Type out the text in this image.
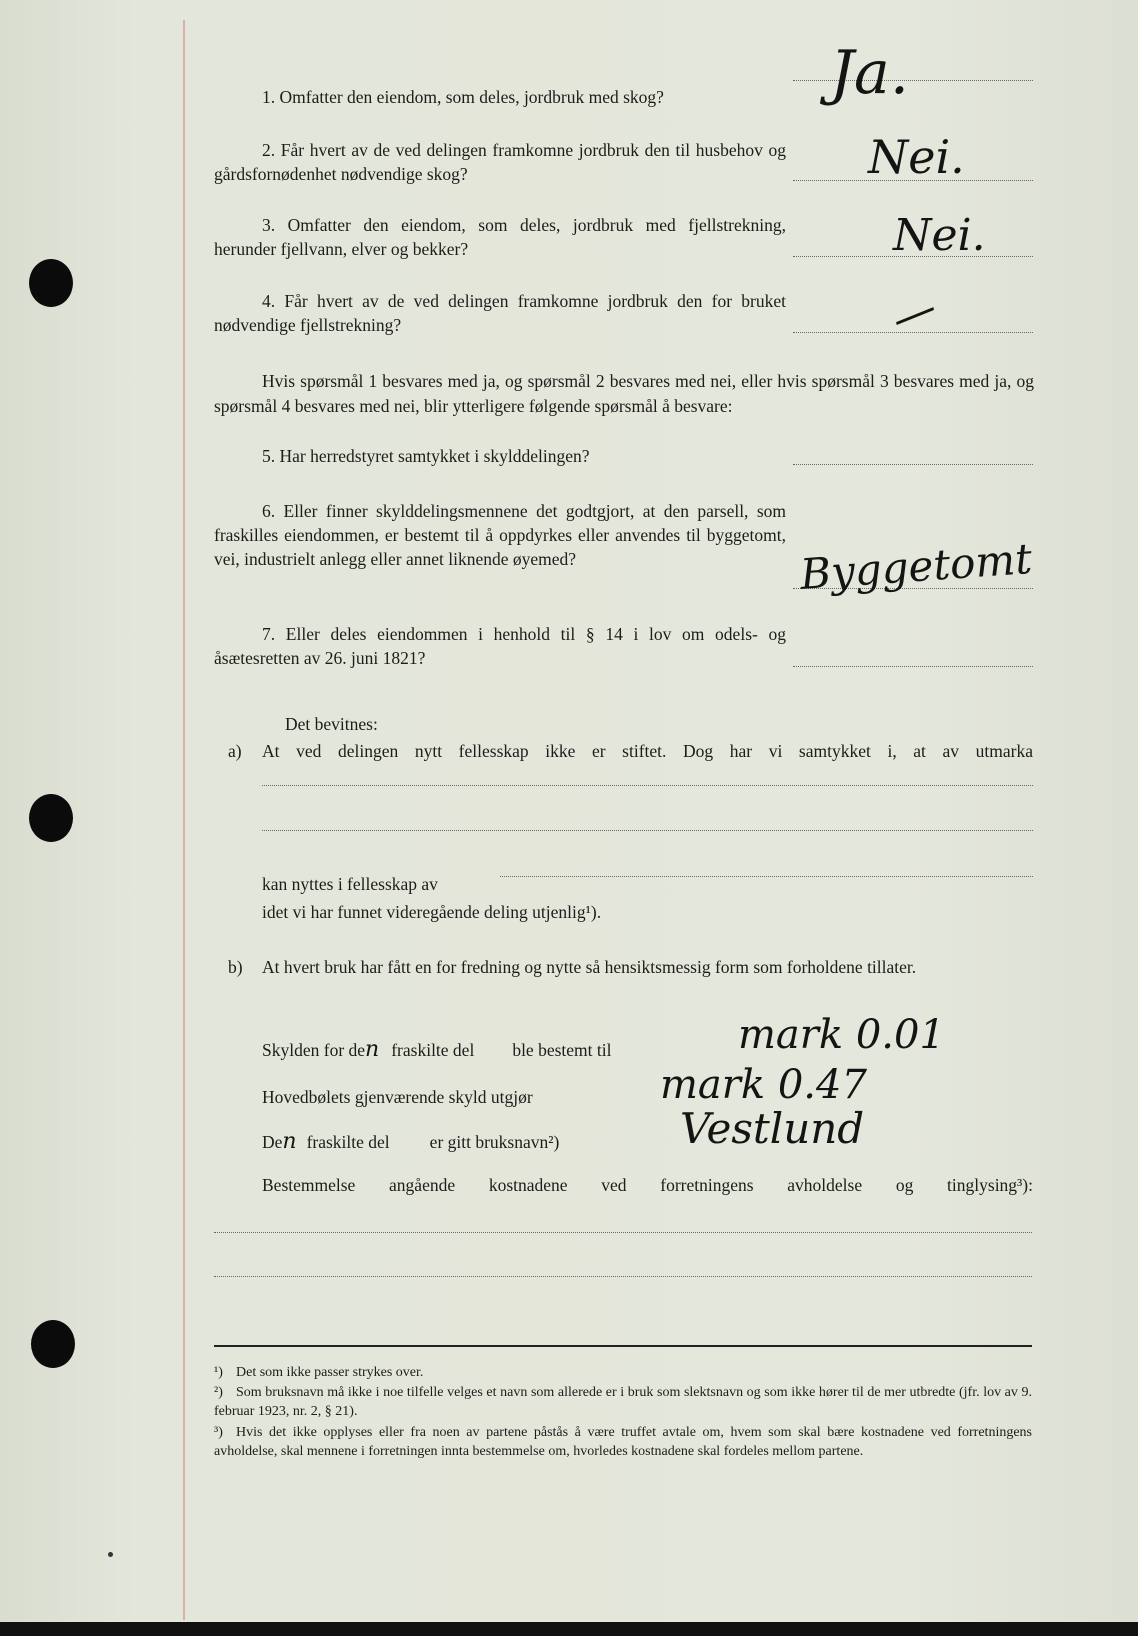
1. Omfatter den eiendom, som deles, jordbruk med skog?	Ja.
2. Får hvert av de ved delingen framkomne jordbruk den til husbehov og gårdsfornødenhet nødvendige skog?	Nei.
3. Omfatter den eiendom, som deles, jordbruk med fjellstrekning, herunder fjellvann, elver og bekker?	Nei.
4. Får hvert av de ved delingen framkomne jordbruk den for bruket nødvendige fjellstrekning?	—
Hvis spørsmål 1 besvares med ja, og spørsmål 2 besvares med nei, eller hvis spørsmål 3 besvares med ja, og spørsmål 4 besvares med nei, blir ytterligere følgende spørsmål å besvare:
5. Har herredstyret samtykket i skylddelingen?
6. Eller finner skylddelingsmennene det godtgjort, at den parsell, som fraskilles eiendommen, er bestemt til å oppdyrkes eller anvendes til byggetomt, vei, industrielt anlegg eller annet liknende øyemed?	Byggetomt
7. Eller deles eiendommen i henhold til § 14 i lov om odels- og åsætesretten av 26. juni 1821?
Det bevitnes:
a) At ved delingen nytt fellesskap ikke er stiftet. Dog har vi samtykket i, at av utmarka
kan nyttes i fellesskap av
idet vi har funnet videregående deling utjenlig¹).
b) At hvert bruk har fått en for fredning og nytte så hensiktsmessig form som forholdene tillater.
Skylden for den fraskilte del ble bestemt til	mark 0.01
Hovedbølets gjenværende skyld utgjør	mark 0.47
Den fraskilte del er gitt bruksnavn²)	Vestlund
Bestemmelse angående kostnadene ved forretningens avholdelse og tinglysing³):
¹) Det som ikke passer strykes over.
²) Som bruksnavn må ikke i noe tilfelle velges et navn som allerede er i bruk som slektsnavn og som ikke hører til de mer utbredte (jfr. lov av 9. februar 1923, nr. 2, § 21).
³) Hvis det ikke opplyses eller fra noen av partene påstås å være truffet avtale om, hvem som skal bære kostnadene ved forretningens avholdelse, skal mennene i forretningen innta bestemmelse om, hvorledes kostnadene skal fordeles mellom partene.
